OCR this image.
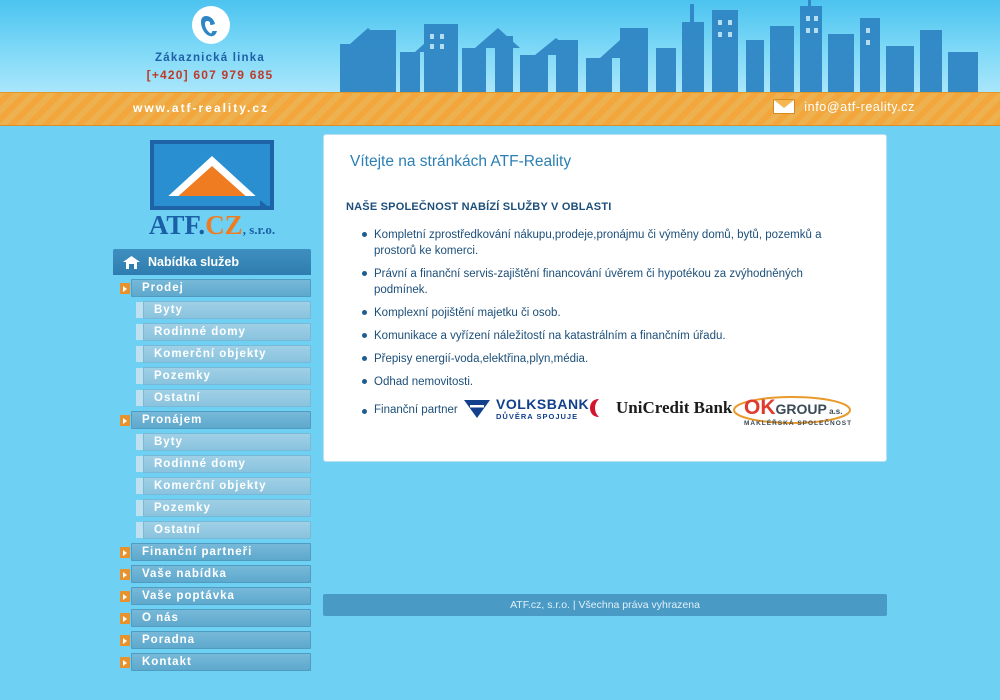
Zákaznická linka
[+420] 607 979 685
www.atf-reality.cz	info@atf-reality.cz
ATF.CZ, s.r.o.
Nabídka služeb
Prodej
Byty
Rodinné domy
Komerční objekty
Pozemky
Ostatní
Pronájem
Byty
Rodinné domy
Komerční objekty
Pozemky
Ostatní
Finanční partneři
Vaše nabídka
Vaše poptávka
O nás
Poradna
Kontakt
Vítejte na stránkách ATF-Reality
NAŠE SPOLEČNOST NABÍZÍ SLUŽBY V OBLASTI
Kompletní zprostředkování nákupu,prodeje,pronájmu či výměny domů, bytů, pozemků a prostorů ke komerci.
Právní a finanční servis-zajištění financování úvěrem či hypotékou za zvýhodněných podmínek.
Komplexní pojištění majetku či osob.
Komunikace a vyřízení náležitostí na katastrálním a finančním úřadu.
Přepisy energií-voda,elektřina,plyn,média.
Odhad nemovitosti.
Finanční partner	VOLKSBANK
DŮVĚRA SPOJUJE	UniCredit Bank OKGROUP a.s.
MAKLÉŘSKÁ SPOLEČNOST
ATF.cz, s.r.o. | Všechna práva vyhrazena
